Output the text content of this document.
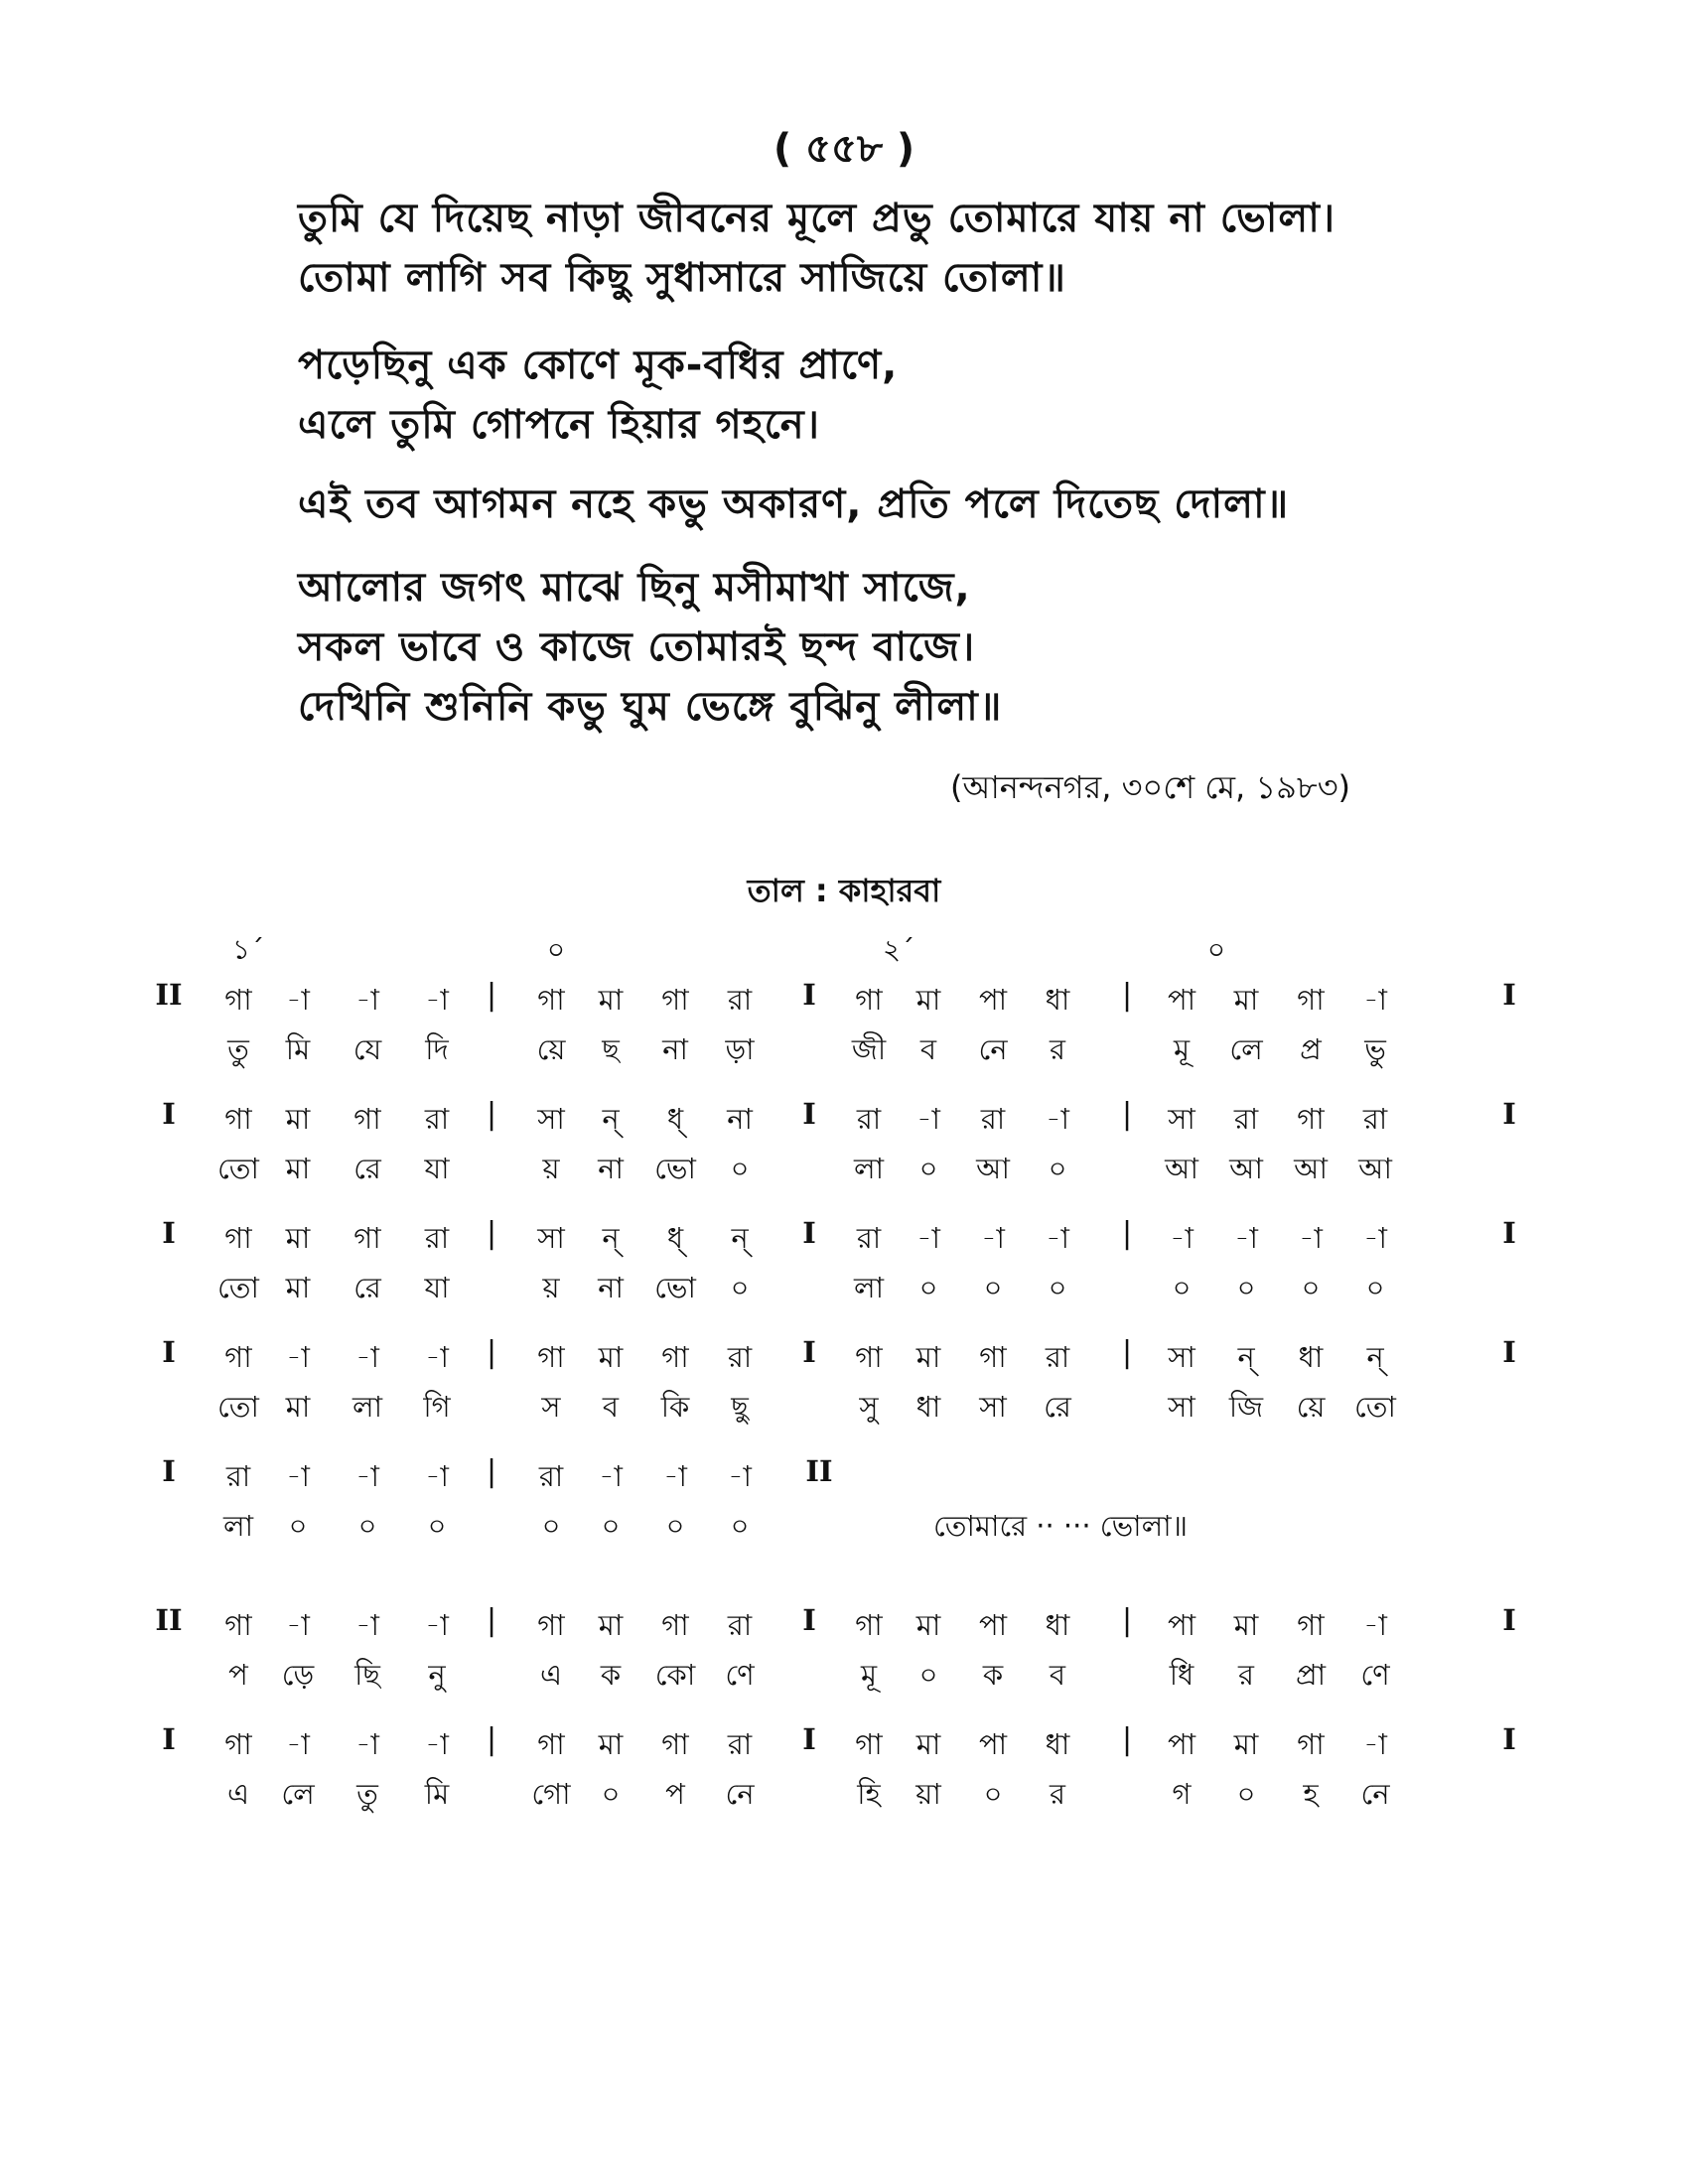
( ৫৫৮ )
তুমি যে দিয়েছ নাড়া জীবনের মূলে প্রভু তোমারে যায় না ভোলা।
তোমা লাগি সব কিছু সুধাসারে সাজিয়ে তোলা॥
পড়েছিনু এক কোণে মূক-বধির প্রাণে,
এলে তুমি গোপনে হিয়ার গহনে।
এই তব আগমন নহে কভু অকারণ, প্রতি পলে দিতেছ দোলা॥
আলোর জগৎ মাঝে ছিনু মসীমাখা সাজে,
সকল ভাবে ও কাজে তোমারই ছন্দ বাজে।
দেখিনি শুনিনি কভু ঘুম ভেঙ্গে বুঝিনু লীলা॥
(আনন্দনগর, ৩০শে মে, ১৯৮৩)
তাল : কাহারবা
১´	০	২´	০
II গা -া -া -া | গা মা গা রা I গা মা পা ধা | পা মা গা -া	I
তু মি যে দি	য়ে ছ না ড়া	জী ব নে র	মূ লে প্র ভু
I গা মা গা রা | সা ন্ ধ্ না I রা -া রা -া | সা রা গা রা	I
তো মা রে যা	য় না ভো ০	লা ০ আ ০	আ আ আ আ
I গা মা গা রা | সা ন্ ধ্ ন্ I রা -া -া -া | -া -া -া -া	I
তো মা রে যা	য় না ভো ০	লা ০ ০ ০	০ ০ ০ ০
I গা -া -া -া | গা মা গা রা I গা মা গা রা | সা ন্ ধা ন্	I
তো মা লা গি	স ব কি ছু	সু ধা সা রে	সা জি য়ে তো
I রা -া -া -া | রা -া -া -া II
লা ০ ০ ০	০ ০ ০ ০	তোমারে ·· ··· ভোলা॥
II গা -া -া -া | গা মা গা রা I গা মা পা ধা | পা মা গা -া	I
প ড়ে ছি নু	এ ক কো ণে	মূ ০ ক ব	ধি র প্রা ণে
I গা -া -া -া | গা মা গা রা I গা মা পা ধা | পা মা গা -া	I
এ লে তু মি	গো ০ প নে	হি য়া ০ র	গ ০ হ নে
